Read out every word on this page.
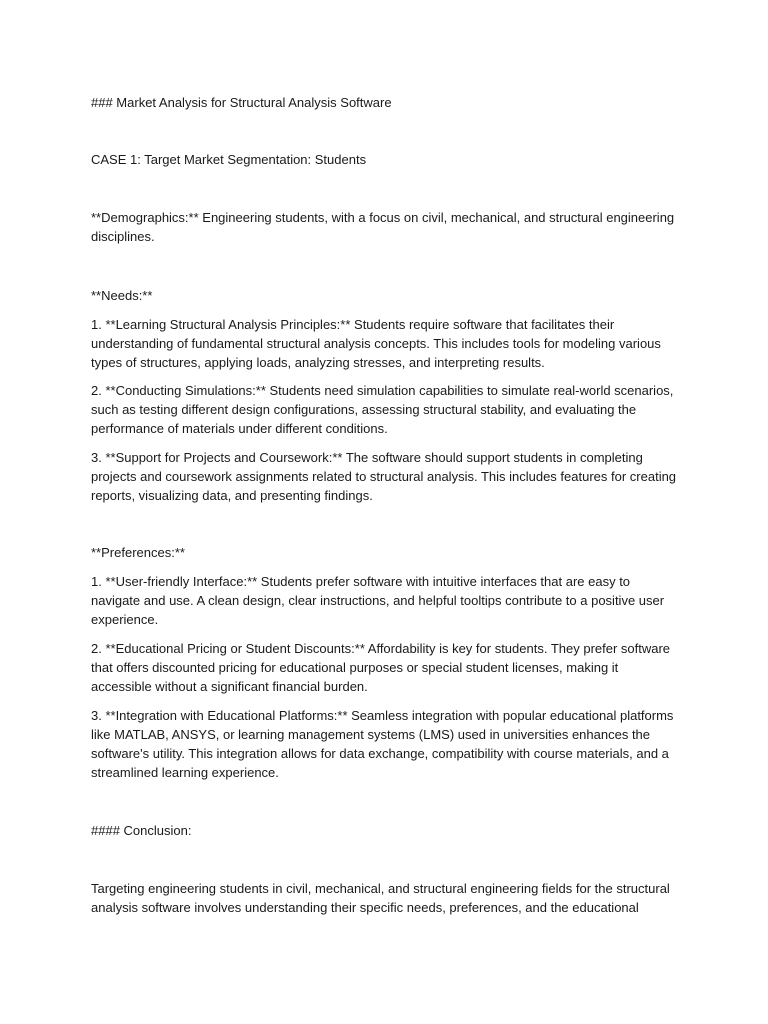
### Market Analysis for Structural Analysis Software

CASE 1: Target Market Segmentation: Students

**Demographics:** Engineering students, with a focus on civil, mechanical, and structural engineering disciplines.

**Needs:**

1. **Learning Structural Analysis Principles:** Students require software that facilitates their understanding of fundamental structural analysis concepts. This includes tools for modeling various types of structures, applying loads, analyzing stresses, and interpreting results.

2. **Conducting Simulations:** Students need simulation capabilities to simulate real-world scenarios, such as testing different design configurations, assessing structural stability, and evaluating the performance of materials under different conditions.

3. **Support for Projects and Coursework:** The software should support students in completing projects and coursework assignments related to structural analysis. This includes features for creating reports, visualizing data, and presenting findings.

**Preferences:**

1. **User-friendly Interface:** Students prefer software with intuitive interfaces that are easy to navigate and use. A clean design, clear instructions, and helpful tooltips contribute to a positive user experience.

2. **Educational Pricing or Student Discounts:** Affordability is key for students. They prefer software that offers discounted pricing for educational purposes or special student licenses, making it accessible without a significant financial burden.

3. **Integration with Educational Platforms:** Seamless integration with popular educational platforms like MATLAB, ANSYS, or learning management systems (LMS) used in universities enhances the software's utility. This integration allows for data exchange, compatibility with course materials, and a streamlined learning experience.

#### Conclusion:

Targeting engineering students in civil, mechanical, and structural engineering fields for the structural analysis software involves understanding their specific needs, preferences, and the educational
